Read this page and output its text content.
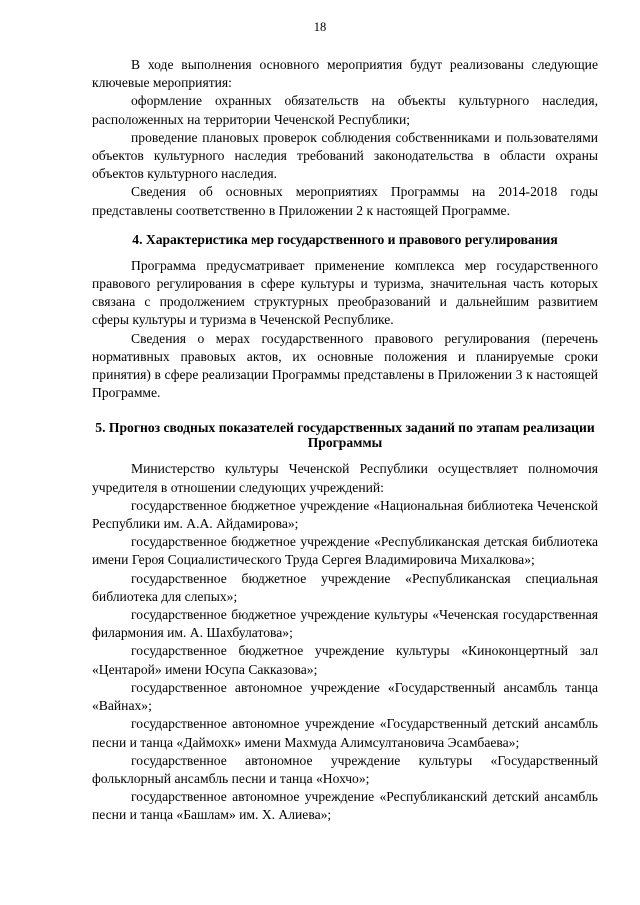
18

В ходе выполнения основного мероприятия будут реализованы следующие ключевые мероприятия:

оформление охранных обязательств на объекты культурного наследия, расположенных на территории Чеченской Республики;

проведение плановых проверок соблюдения собственниками и пользователями объектов культурного наследия требований законодательства в области охраны объектов культурного наследия.

Сведения об основных мероприятиях Программы на 2014-2018 годы представлены соответственно в Приложении 2 к настоящей Программе.

4. Характеристика мер государственного и правового регулирования

Программа предусматривает применение комплекса мер государственного правового регулирования в сфере культуры и туризма, значительная часть которых связана с продолжением структурных преобразований и дальнейшим развитием сферы культуры и туризма в Чеченской Республике.

Сведения о мерах государственного правового регулирования (перечень нормативных правовых актов, их основные положения и планируемые сроки принятия) в сфере реализации Программы представлены в Приложении 3 к настоящей Программе.

5. Прогноз сводных показателей государственных заданий по этапам реализации Программы

Министерство культуры Чеченской Республики осуществляет полномочия учредителя в отношении следующих учреждений:

государственное бюджетное учреждение «Национальная библиотека Чеченской Республики им. А.А. Айдамирова»;

государственное бюджетное учреждение «Республиканская детская библиотека имени Героя Социалистического Труда Сергея Владимировича Михалкова»;

государственное бюджетное учреждение «Республиканская специальная библиотека для слепых»;

государственное бюджетное учреждение культуры «Чеченская государственная филармония им. А. Шахбулатова»;

государственное бюджетное учреждение культуры «Киноконцертный зал «Центарой» имени Юсупа Сакказова»;

государственное автономное учреждение «Государственный ансамбль танца «Вайнах»;

государственное автономное учреждение «Государственный детский ансамбль песни и танца «Даймохк» имени Махмуда Алимсултановича Эсамбаева»;

государственное автономное учреждение культуры «Государственный фольклорный ансамбль песни и танца «Нохчо»;

государственное автономное учреждение «Республиканский детский ансамбль песни и танца «Башлам» им. Х. Алиева»;
